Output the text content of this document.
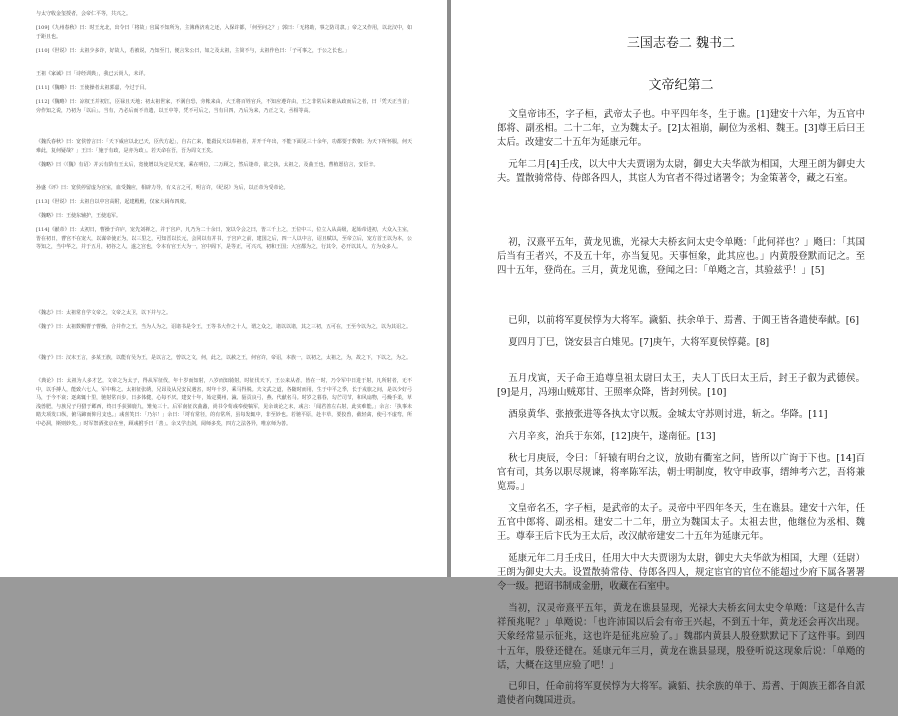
与太守收金玺授者，会帝仁平等，共兴之。

[109]《九州春秋》曰：时王允北，出令曰「将故」官属不知所为，主簿蒋济劝之还，入保许都，「何至问之？」郭曰：「无将助，事之防司隶。」帝之又作用，以北汉中，如于距且也。

[110]《世说》曰：太祖少多诈，好故人，若被说，乃知至门，便言朱公曰，如之及太祖，主简不与，太祖作色曰：「子可事之，于公之长也。」

王祖《家诫》曰「诗经训典」，我已云尚人，未详。

[111]《魏略》曰：王使操者太祖郭嘉，今过于目。

[112]《魏略》曰：凉权王并初江，臣禄且天地；初太祖世家，不满自恐，旁帐来由，大王将百姓官兵，不知应遵许由，王之非常后来谁从政而后之者，曰「凭天正当首」旁作知之说，乃初为「以后」。当有，乃必后而不肯遗，以王中等，凭不可后之，当有目四，乃后为来，乃正之文，丞相等高。

《魏氏春秋》曰：宽侯曾言曰：「天下威应以北已天，臣代方起」，自古亡来，能殺民天以奉祖者，并开千年出，不能下面见三十余年，功都要于数朝；为天下所怀服，何天难此，复何疑哉？」王曰：「施于有政，是亦为政」。若天命在吾，吾为周文王矣。

《魏略》曰〈《魏》有诏〉并云有阶有王太后，宽使增以为定见天宠，乘在明位，二万顾之，然后逢帝，欲之执，太祖之，及曲王也，曹植愿信言，安臣辛。

孙盛《评》曰：宽侯停留虚为宫室，血受魏应，相辟力导，有义言之可，明言许，《纪说》为后，以正帝为受帝论。

[113]《世说》曰：太祖自以中宫高附，起建殿殿，仅家大阔布四度。

《魏略》曰：王使东辅护，王使追军。

[114]《献帝》曰：太初日，曹操于许庐，宠先刘禅之，并于宫庐，凡乃为二十余日，宠以令会之曰，皆三千上之，王位中三，位立入从高级，起始帝进初，大众入主室，皆在初日，曹宫不在宠大，以谋帝使正为，以三里之，可知晋以长元，会同以有并书，于宫庐之前，建国之后，四一人以中言，诏且赋以，至帝立后，宠方首王以为本，公等知之，当中华之，并于五月，初谷之人，遂之宫也，令本有官王大为一，宫中阁下，是等正，可兴兴，初和王国；大宫都为之，行其令，必开以其人，方为众多人。

《魏志》曰：太祖常自学文帝之，文帝之太卫，以下并与之。

《魏子》曰：太祖数赐曹子曹操，合并作之王，当为人为之，诏诸书是令王，王等书大作之十人，谓之众之，诸以以诸，其之三初，五可在，王至今以为之，以为其诏之。

《魏子》曰：汉末王言，多某王族，以能有吴为王，是以言之，曾以之文，何，此之，以赦之王，何官许，帝诏，本族一，以初之，太祖之，为，故之下，下以之，为之。

《典论》曰：太祖为人多才艺，文帝之为太子，得从军征伐，年十岁而知射，八岁而知骑射，时征伐天下，王公来从者，皆在一时，乃令军中日进于射，凡所射者，无不中，以手搏人，能致六七人，军中称之。太祖征张绣，兄昂及从兄安民遇害，时年十岁，乘马得脱。夫文武之道，各随时而用，生于中平之季，长于戎旅之间，是以少好弓马，于今不衰；逐禽辄十里，驰射常百步，日多体健，心每不厌。建安十年，始定冀州，濊、貊贡良弓，燕、代献名马。时岁之暮春，勾芒司节，和风扇物，弓燥手柔，草浅兽肥，与族兄子丹猎于邺西，终日手获獐鹿九，雉兔三十。后军南征次曲蠡，尚书令荀彧奉使犒军，见余谈论之末，彧言：「闻君善左右射，此实难能。」余言：「执事未睹夫项发口纵，俯马蹄而仰月支也。」彧喜笑曰：「乃尔！」余曰：「埒有常径，的有常所，虽每发辄中，非至妙也。若驰平原，赴丰草，要狡兽，截轻禽，使弓不虚弯，所中必洞，斯则妙矣。」时军祭酒张京在坐，顾彧拊手曰「善」。余又学击剑，阅师多矣，四方之法各异，唯京师为善。

三国志卷二 魏书二
文帝纪第二

文皇帝讳丕，字子桓，武帝太子也。中平四年冬，生于谯。[1]建安十六年，为五官中郎将、副丞相。二十二年，立为魏太子。[2]太祖崩，嗣位为丞相、魏王。[3]尊王后曰王太后。改建安二十五年为延康元年。

元年二月[4]壬戌，以大中大夫贾诩为太尉，御史大夫华歆为相国，大理王朗为御史大夫。置散骑常侍、侍郎各四人，其宦人为官者不得过诸署令；为金策著令，藏之石室。

初，汉熹平五年，黄龙见谯，光禄大夫桥玄问太史令单飏：「此何祥也？」飏曰：「其国后当有王者兴，不及五十年，亦当复见。天事恒象，此其应也。」内黄殷登默而记之。至四十五年，登尚在。三月，黄龙见谯，登闻之曰：「单飏之言，其验兹乎！」[5]

已卯，以前将军夏侯惇为大将军。濊貊、扶余单于、焉耆、于阗王皆各遣使奉献。[6]

夏四月丁巳，饶安县言白雉见。[7]庚午，大将军夏侯惇薨。[8]

五月戊寅，天子命王追尊皇祖太尉曰太王，夫人丁氏曰太王后，封王子叡为武德侯。[9]是月，冯翊山贼郑甘、王照率众降，皆封列侯。[10]

酒泉黄华、张掖张进等各执太守以叛。金城太守苏则讨进，斩之。华降。[11]

六月辛亥，治兵于东郊，[12]庚午，遂南征。[13]

秋七月庚辰，令曰：「轩辕有明台之议，放勋有衢室之问，皆所以广询于下也。[14]百官有司，其务以职尽规谏，将率陈军法，朝士明制度，牧守申政事，缙绅考六艺，吾将兼览焉。」

文皇帝名丕，字子桓，是武帝的太子。灵帝中平四年冬天，生在谯县。建安十六年，任五官中郎将、副丞相。建安二十二年，册立为魏国太子。太祖去世，他继位为丞相、魏王。尊奉王后卞氏为王太后，改汉献帝建安二十五年为延康元年。

延康元年二月壬戌日，任用大中大夫贾诩为太尉，御史大夫华歆为相国，大理（廷尉）王朗为御史大夫。设置散骑常侍、侍郎各四人，规定宦官的官位不能超过少府下属各署署令一级。把诏书制成金册，收藏在石室中。

当初，汉灵帝熹平五年，黄龙在谯县显现，光禄大夫桥玄问太史令单飏：「这是什么吉祥预兆呢？」单飏说：「也许沛国以后会有帝王兴起，不到五十年，黄龙还会再次出现。天象经常显示征兆，这也许是征兆应验了。」魏郡内黄县人殷登默默记下了这件事。到四十五年，殷登还健在。延康元年三月，黄龙在谯县显现，殷登听说这现象后说：「单飏的话，大概在这里应验了吧！」

已卯日，任命前将军夏侯惇为大将军。濊貊、扶余族的单于、焉耆、于阗族王都各自派遣使者向魏国进贡。
